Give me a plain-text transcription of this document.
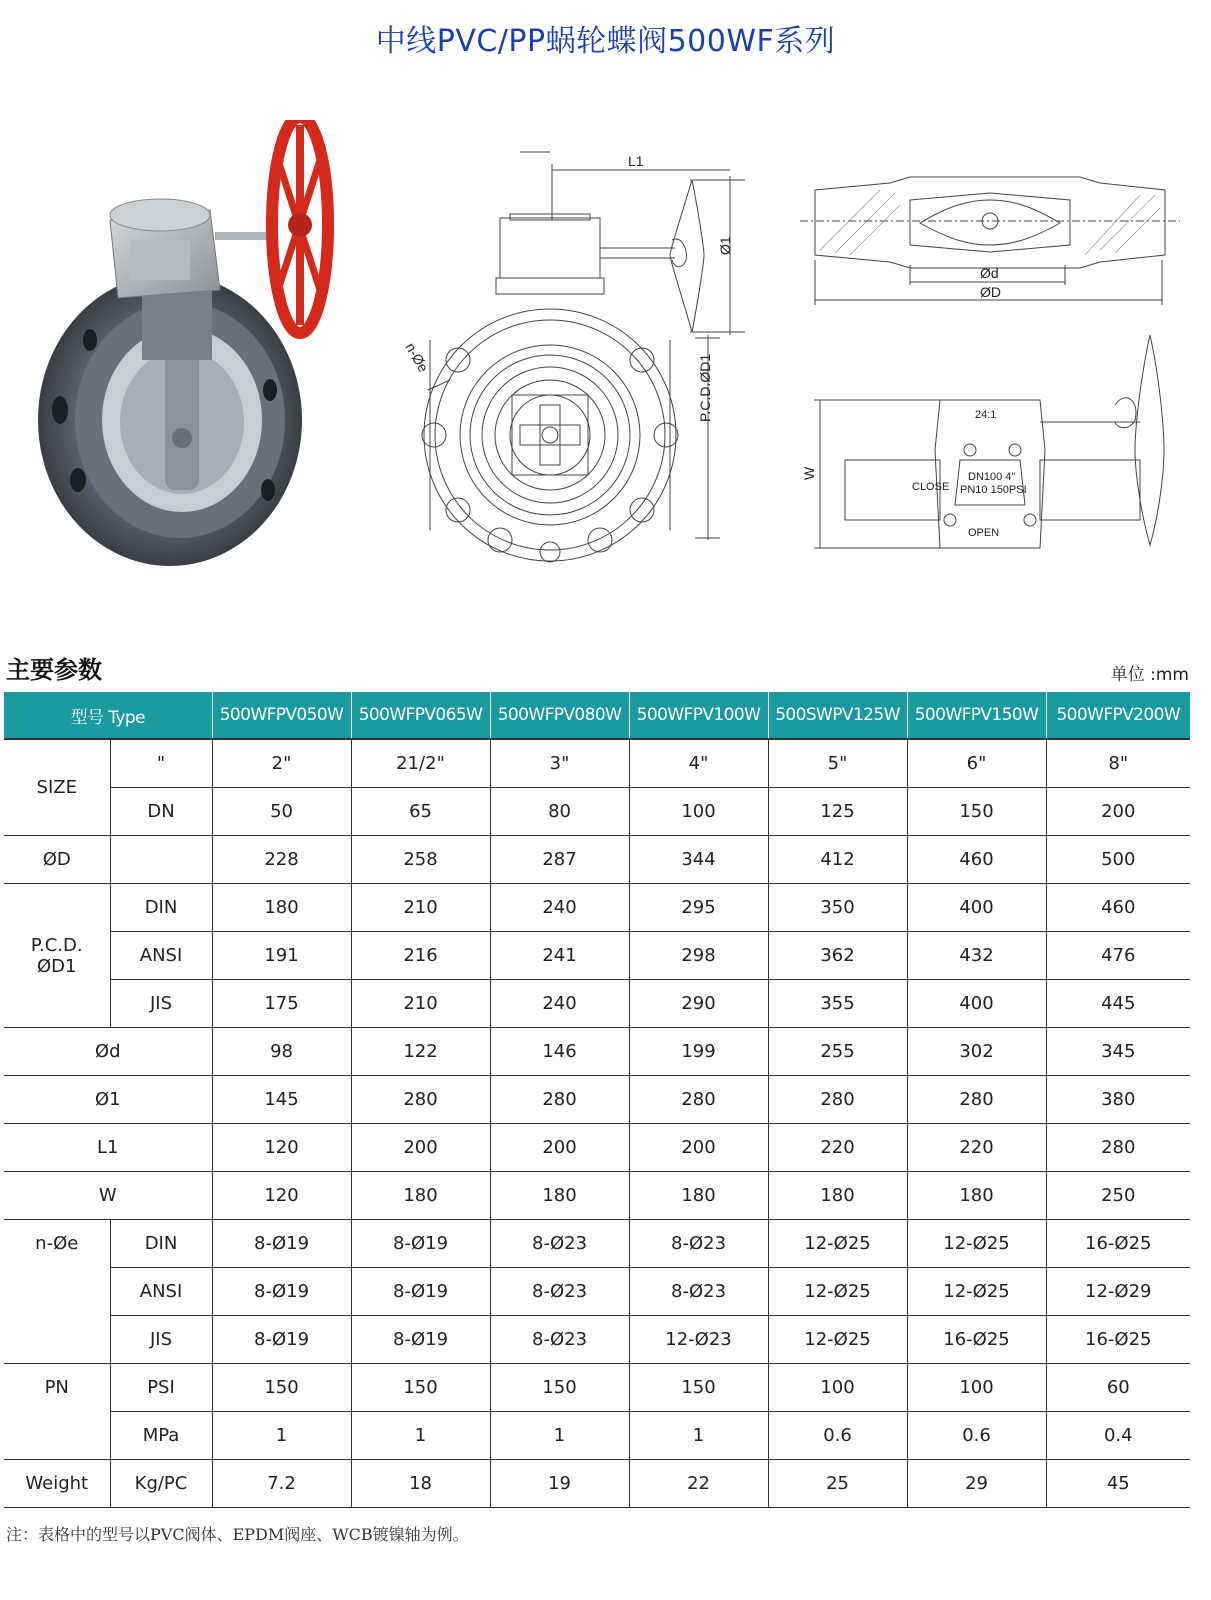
中线PVC/PP蜗轮蝶阀500WF系列
L1
Ø1
n-Øe	P.C.D.ØD1
Ød
ØD
24:1
CLOSE
DN100 4"
PN10 150PSI
OPEN
W
主要参数	单位 :mm
型号 Type		500WFPV050W	500WFPV065W	500WFPV080W	500WFPV100W	500SWPV125W	500WFPV150W	500WFPV200W
SIZE	"	2"	21/2"	3"	4"	5"	6"	8"
	DN	50	65	80	100	125	150	200
ØD		228	258	287	344	412	460	500
P.C.D.
ØD1	DIN	180	210	240	295	350	400	460
	ANSI	191	216	241	298	362	432	476
	JIS	175	210	240	290	355	400	445
Ød		98	122	146	199	255	302	345
Ø1		145	280	280	280	280	280	380
L1		120	200	200	200	220	220	280
W		120	180	180	180	180	180	250
n-Øe	DIN	8-Ø19	8-Ø19	8-Ø23	8-Ø23	12-Ø25	12-Ø25	16-Ø25
	ANSI	8-Ø19	8-Ø19	8-Ø23	8-Ø23	12-Ø25	12-Ø25	12-Ø29
	JIS	8-Ø19	8-Ø19	8-Ø23	12-Ø23	12-Ø25	16-Ø25	16-Ø25
PN	PSI	150	150	150	150	100	100	60
	MPa	1	1	1	1	0.6	0.6	0.4
Weight	Kg/PC	7.2	18	19	22	25	29	45
注：表格中的型号以PVC阀体、EPDM阀座、WCB镀镍轴为例。
